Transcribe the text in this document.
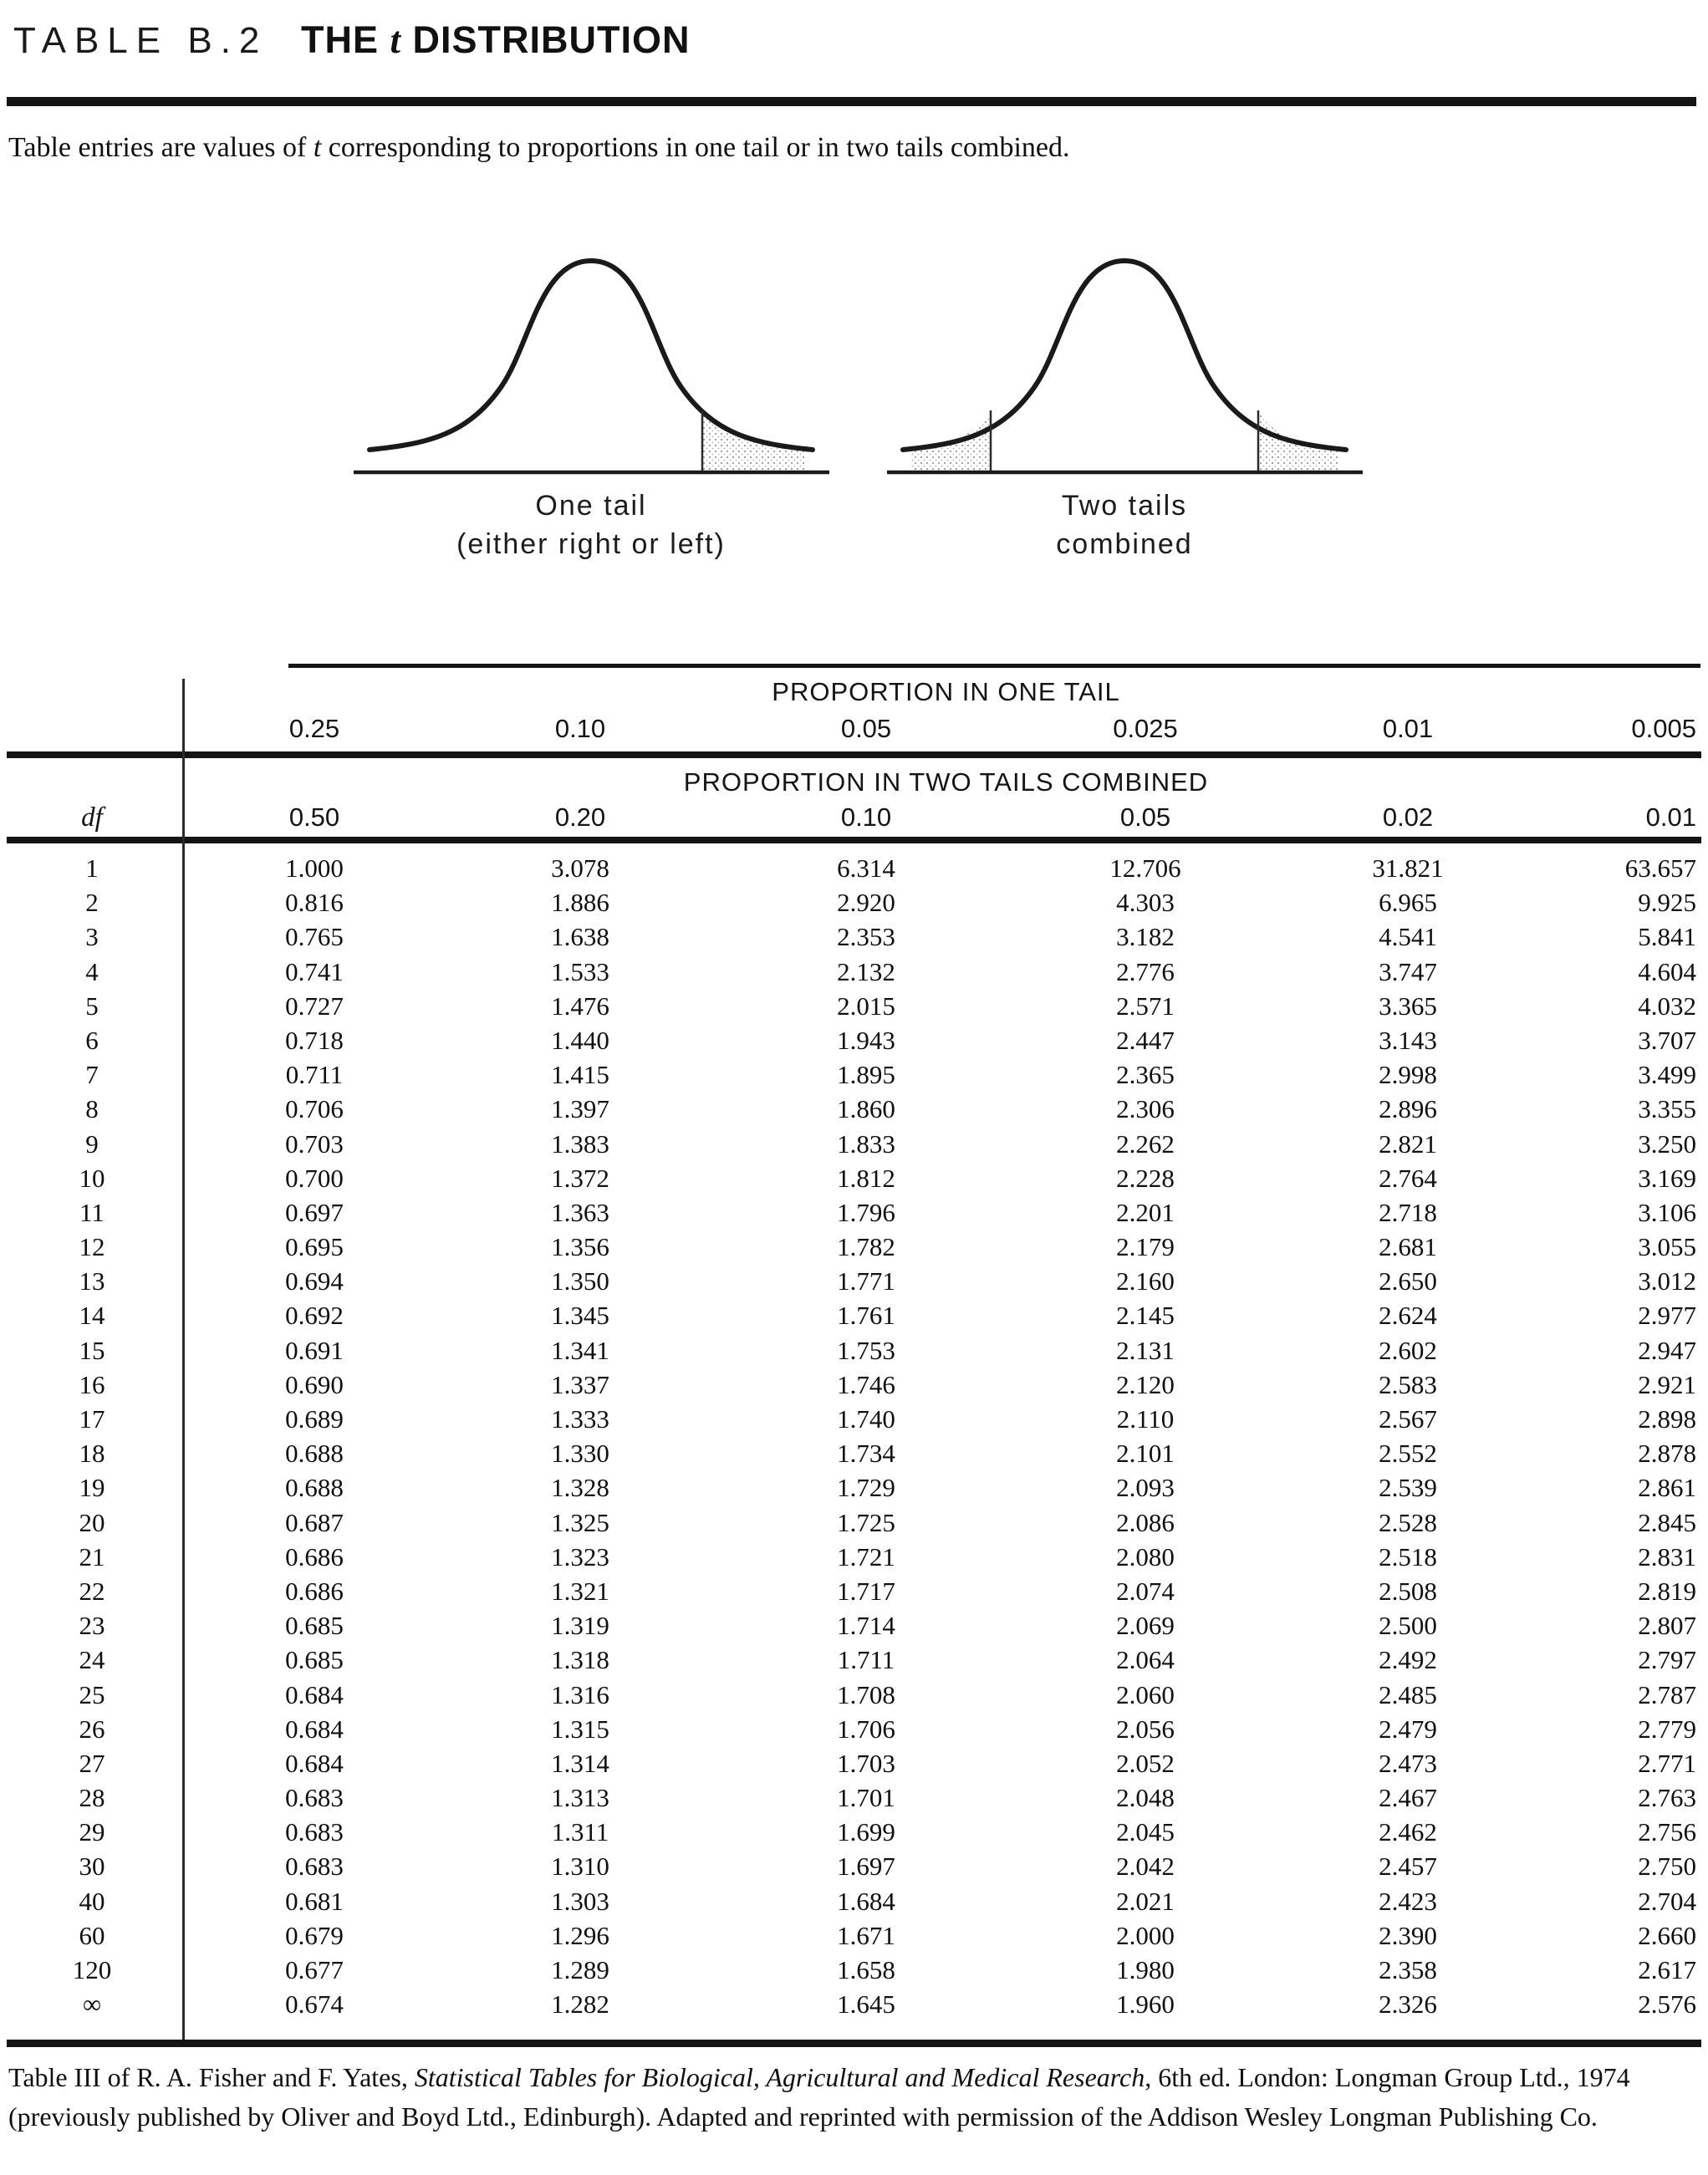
TABLE B.2 THE t DISTRIBUTION
Table entries are values of t corresponding to proportions in one tail or in two tails combined.
One tail
(either right or left)
Two tails
combined
PROPORTION IN ONE TAIL
0.25	0.10	0.05	0.025	0.01	0.005
PROPORTION IN TWO TAILS COMBINED
df	0.50	0.20	0.10	0.05	0.02	0.01
1	1.000	3.078	6.314	12.706	31.821	63.657
2	0.816	1.886	2.920	4.303	6.965	9.925
3	0.765	1.638	2.353	3.182	4.541	5.841
4	0.741	1.533	2.132	2.776	3.747	4.604
5	0.727	1.476	2.015	2.571	3.365	4.032
6	0.718	1.440	1.943	2.447	3.143	3.707
7	0.711	1.415	1.895	2.365	2.998	3.499
8	0.706	1.397	1.860	2.306	2.896	3.355
9	0.703	1.383	1.833	2.262	2.821	3.250
10	0.700	1.372	1.812	2.228	2.764	3.169
11	0.697	1.363	1.796	2.201	2.718	3.106
12	0.695	1.356	1.782	2.179	2.681	3.055
13	0.694	1.350	1.771	2.160	2.650	3.012
14	0.692	1.345	1.761	2.145	2.624	2.977
15	0.691	1.341	1.753	2.131	2.602	2.947
16	0.690	1.337	1.746	2.120	2.583	2.921
17	0.689	1.333	1.740	2.110	2.567	2.898
18	0.688	1.330	1.734	2.101	2.552	2.878
19	0.688	1.328	1.729	2.093	2.539	2.861
20	0.687	1.325	1.725	2.086	2.528	2.845
21	0.686	1.323	1.721	2.080	2.518	2.831
22	0.686	1.321	1.717	2.074	2.508	2.819
23	0.685	1.319	1.714	2.069	2.500	2.807
24	0.685	1.318	1.711	2.064	2.492	2.797
25	0.684	1.316	1.708	2.060	2.485	2.787
26	0.684	1.315	1.706	2.056	2.479	2.779
27	0.684	1.314	1.703	2.052	2.473	2.771
28	0.683	1.313	1.701	2.048	2.467	2.763
29	0.683	1.311	1.699	2.045	2.462	2.756
30	0.683	1.310	1.697	2.042	2.457	2.750
40	0.681	1.303	1.684	2.021	2.423	2.704
60	0.679	1.296	1.671	2.000	2.390	2.660
120	0.677	1.289	1.658	1.980	2.358	2.617
∞	0.674	1.282	1.645	1.960	2.326	2.576
Table III of R. A. Fisher and F. Yates, Statistical Tables for Biological, Agricultural and Medical Research, 6th ed. London: Longman Group Ltd., 1974 (previously published by Oliver and Boyd Ltd., Edinburgh). Adapted and reprinted with permission of the Addison Wesley Longman Publishing Co.
